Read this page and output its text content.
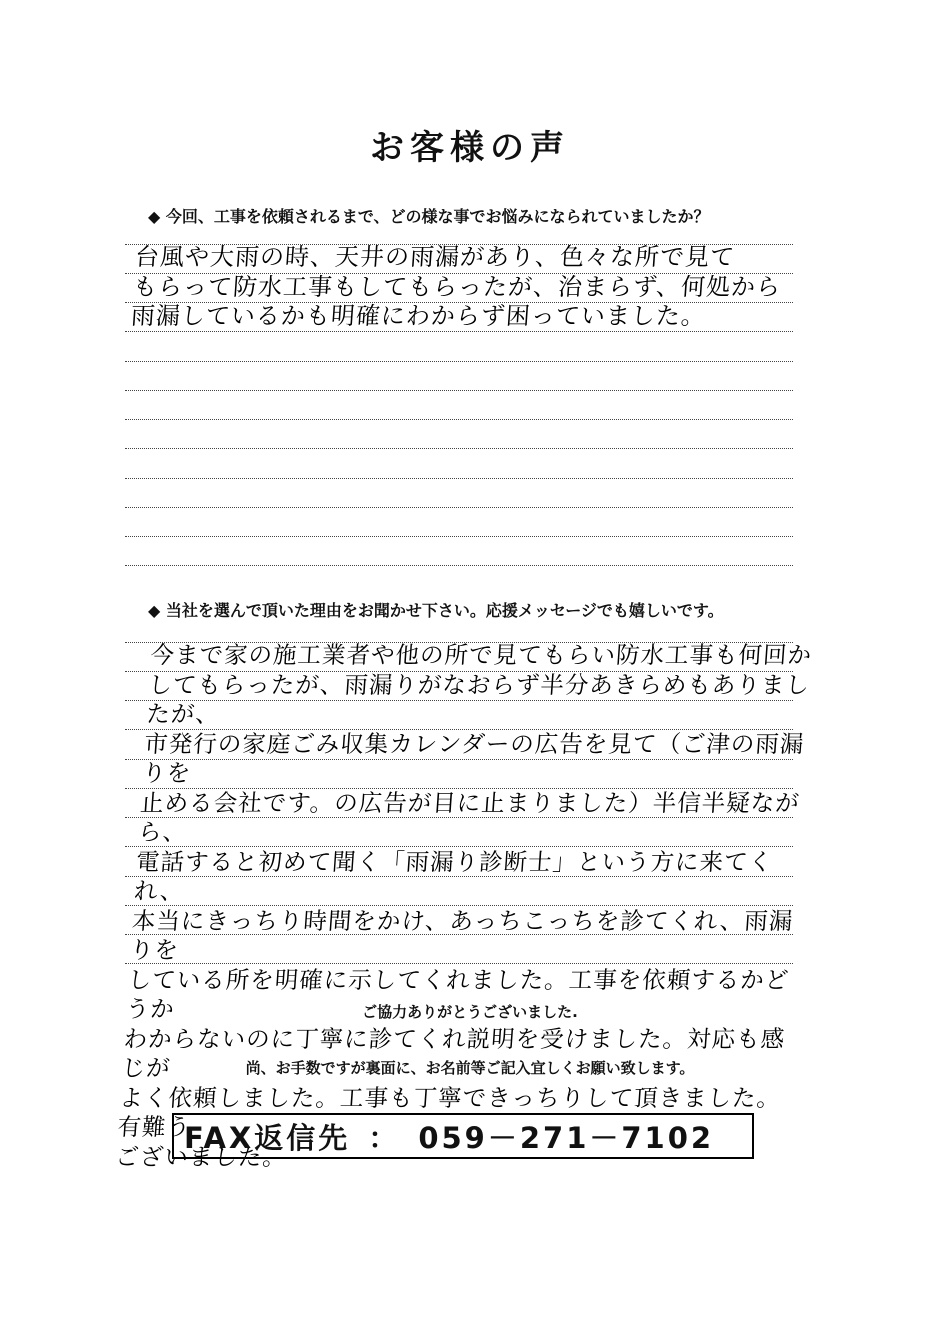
お客様の声
◆ 今回、工事を依頼されるまで、どの様な事でお悩みになられていましたか？
台風や大雨の時、天井の雨漏があり、色々な所で見て
もらって防水工事もしてもらったが、治まらず、何処から
雨漏しているかも明確にわからず困っていました。
◆ 当社を選んで頂いた理由をお聞かせ下さい。応援メッセージでも嬉しいです。
今まで家の施工業者や他の所で見てもらい防水工事も何回か
してもらったが、雨漏りがなおらず半分あきらめもありましたが、
市発行の家庭ごみ収集カレンダーの広告を見て（ご津の雨漏りを
止める会社です。の広告が目に止まりました）半信半疑ながら、
電話すると初めて聞く「雨漏り診断士」という方に来てくれ、
本当にきっちり時間をかけ、あっちこっちを診てくれ、雨漏りを
している所を明確に示してくれました。工事を依頼するかどうか
わからないのに丁寧に診てくれ説明を受けました。対応も感じが
よく依頼しました。工事も丁寧できっちりして頂きました。有難う
ございました。
ご協力ありがとうございました.
尚、お手数ですが裏面に、お名前等ご記入宜しくお願い致します。
FAX返信先 ： 059－271－7102
